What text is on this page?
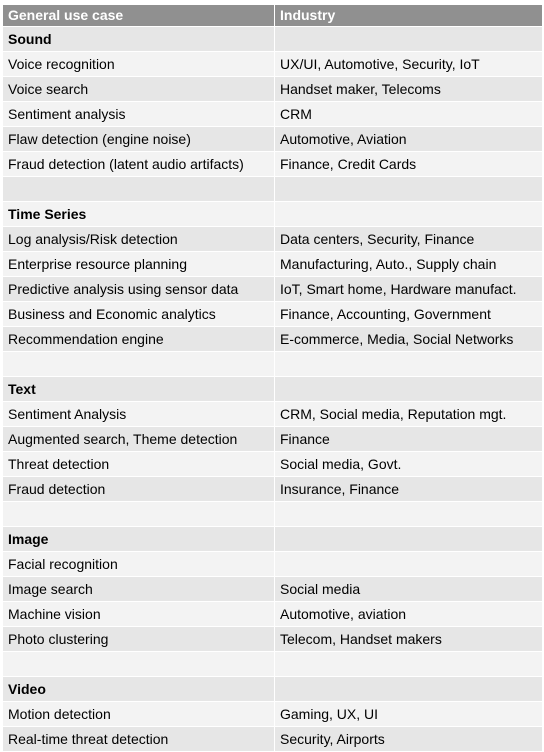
General use case	Industry
Sound	
Voice recognition	UX/UI, Automotive, Security, IoT
Voice search	Handset maker, Telecoms
Sentiment analysis	CRM
Flaw detection (engine noise)	Automotive, Aviation
Fraud detection (latent audio artifacts)	Finance, Credit Cards

Time Series	
Log analysis/Risk detection	Data centers, Security, Finance
Enterprise resource planning	Manufacturing, Auto., Supply chain
Predictive analysis using sensor data	IoT, Smart home, Hardware manufact.
Business and Economic analytics	Finance, Accounting, Government
Recommendation engine	E-commerce, Media, Social Networks

Text	
Sentiment Analysis	CRM, Social media, Reputation mgt.
Augmented search, Theme detection	Finance
Threat detection	Social media, Govt.
Fraud detection	Insurance, Finance

Image	
Facial recognition	
Image search	Social media
Machine vision	Automotive, aviation
Photo clustering	Telecom, Handset makers

Video	
Motion detection	Gaming, UX, UI
Real-time threat detection	Security, Airports
